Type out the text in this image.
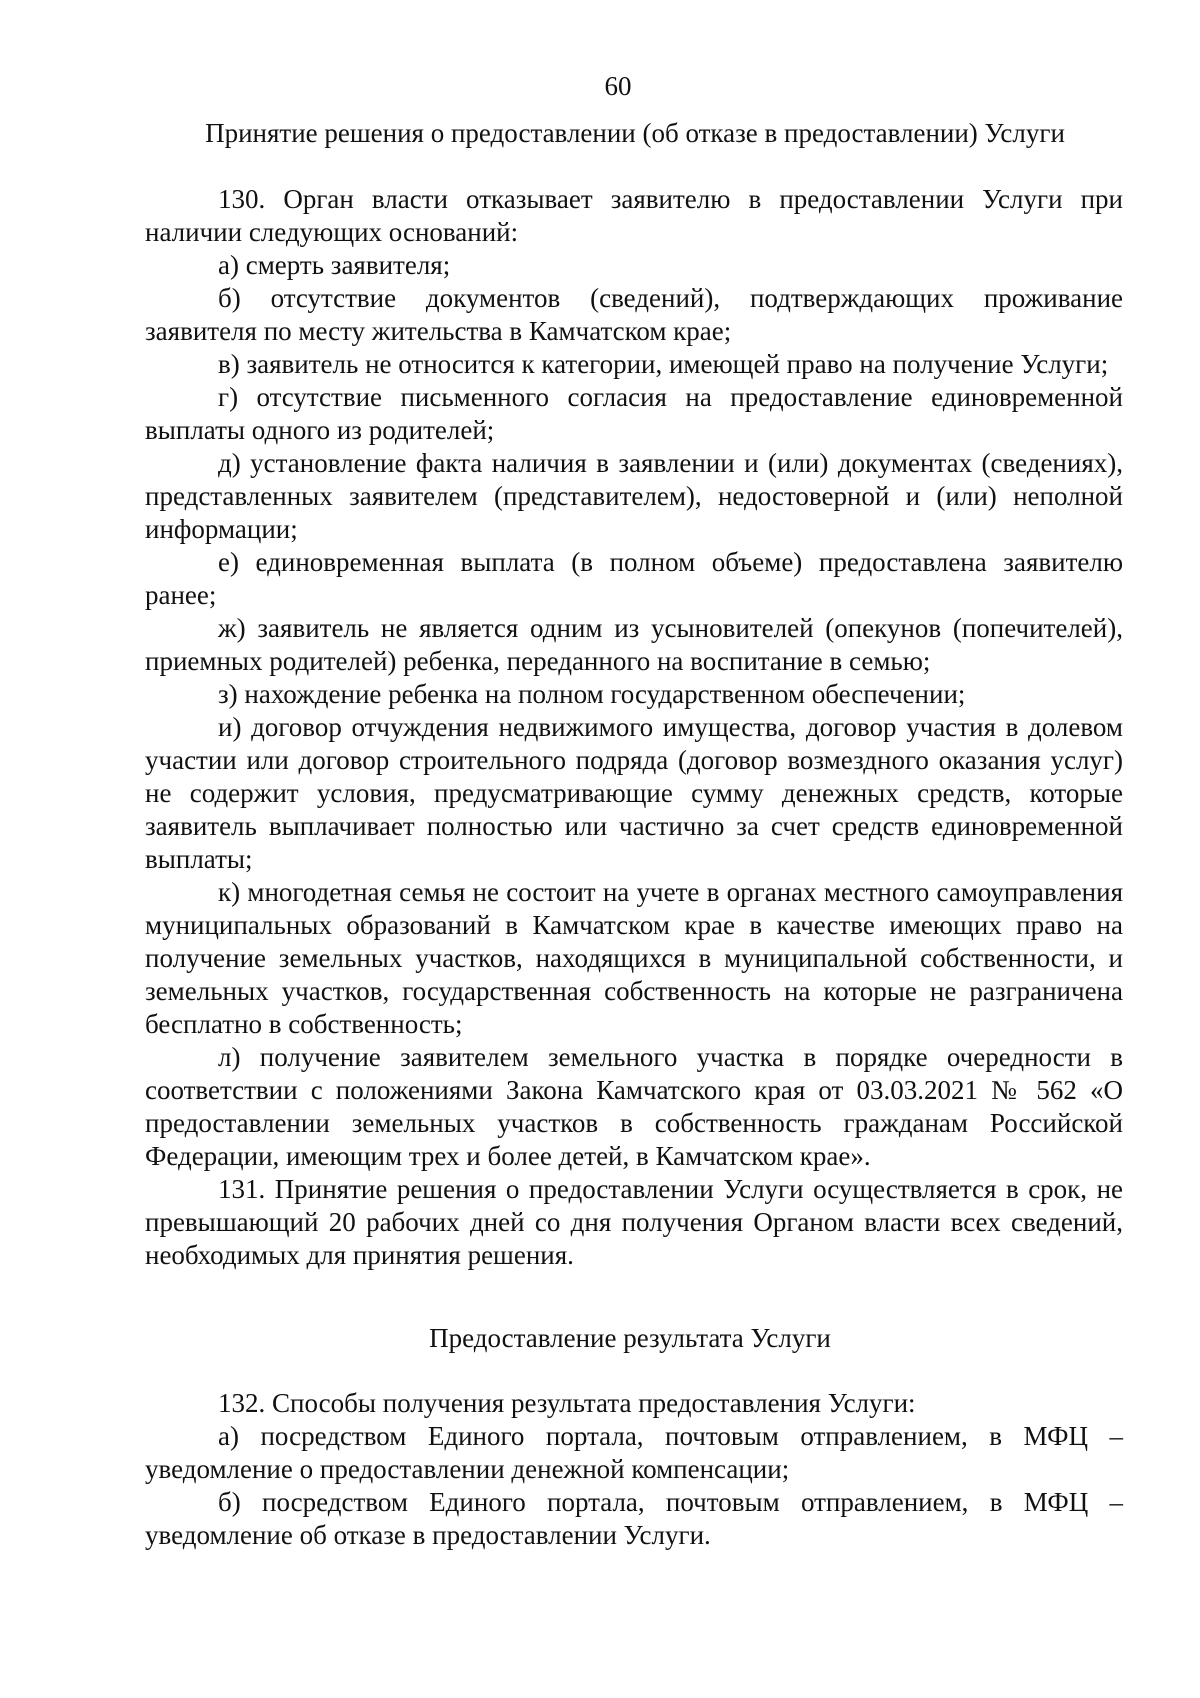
60
Принятие решения о предоставлении (об отказе в предоставлении) Услуги

130. Орган власти отказывает заявителю в предоставлении Услуги при наличии следующих оснований:

а) смерть заявителя;

б) отсутствие документов (сведений), подтверждающих проживание заявителя по месту жительства в Камчатском крае;

в) заявитель не относится к категории, имеющей право на получение Услуги;

г) отсутствие письменного согласия на предоставление единовременной выплаты одного из родителей;

д) установление факта наличия в заявлении и (или) документах (сведениях), представленных заявителем (представителем), недостоверной и (или) неполной информации;

е) единовременная выплата (в полном объеме) предоставлена заявителю ранее;

ж) заявитель не является одним из усыновителей (опекунов (попечителей), приемных родителей) ребенка, переданного на воспитание в семью;

з) нахождение ребенка на полном государственном обеспечении;

и) договор отчуждения недвижимого имущества, договор участия в долевом участии или договор строительного подряда (договор возмездного оказания услуг) не содержит условия, предусматривающие сумму денежных средств, которые заявитель выплачивает полностью или частично за счет средств единовременной выплаты;

к) многодетная семья не состоит на учете в органах местного самоуправления муниципальных образований в Камчатском крае в качестве имеющих право на получение земельных участков, находящихся в муниципальной собственности, и земельных участков, государственная собственность на которые не разграничена бесплатно в собственность;

л) получение заявителем земельного участка в порядке очередности в соответствии с положениями Закона Камчатского края от 03.03.2021 № 562 «О предоставлении земельных участков в собственность гражданам Российской Федерации, имеющим трех и более детей, в Камчатском крае».

131. Принятие решения о предоставлении Услуги осуществляется в срок, не превышающий 20 рабочих дней со дня получения Органом власти всех сведений, необходимых для принятия решения.

Предоставление результата Услуги

132. Способы получения результата предоставления Услуги:

а) посредством Единого портала, почтовым отправлением, в МФЦ – уведомление о предоставлении денежной компенсации;

б) посредством Единого портала, почтовым отправлением, в МФЦ – уведомление об отказе в предоставлении Услуги.
